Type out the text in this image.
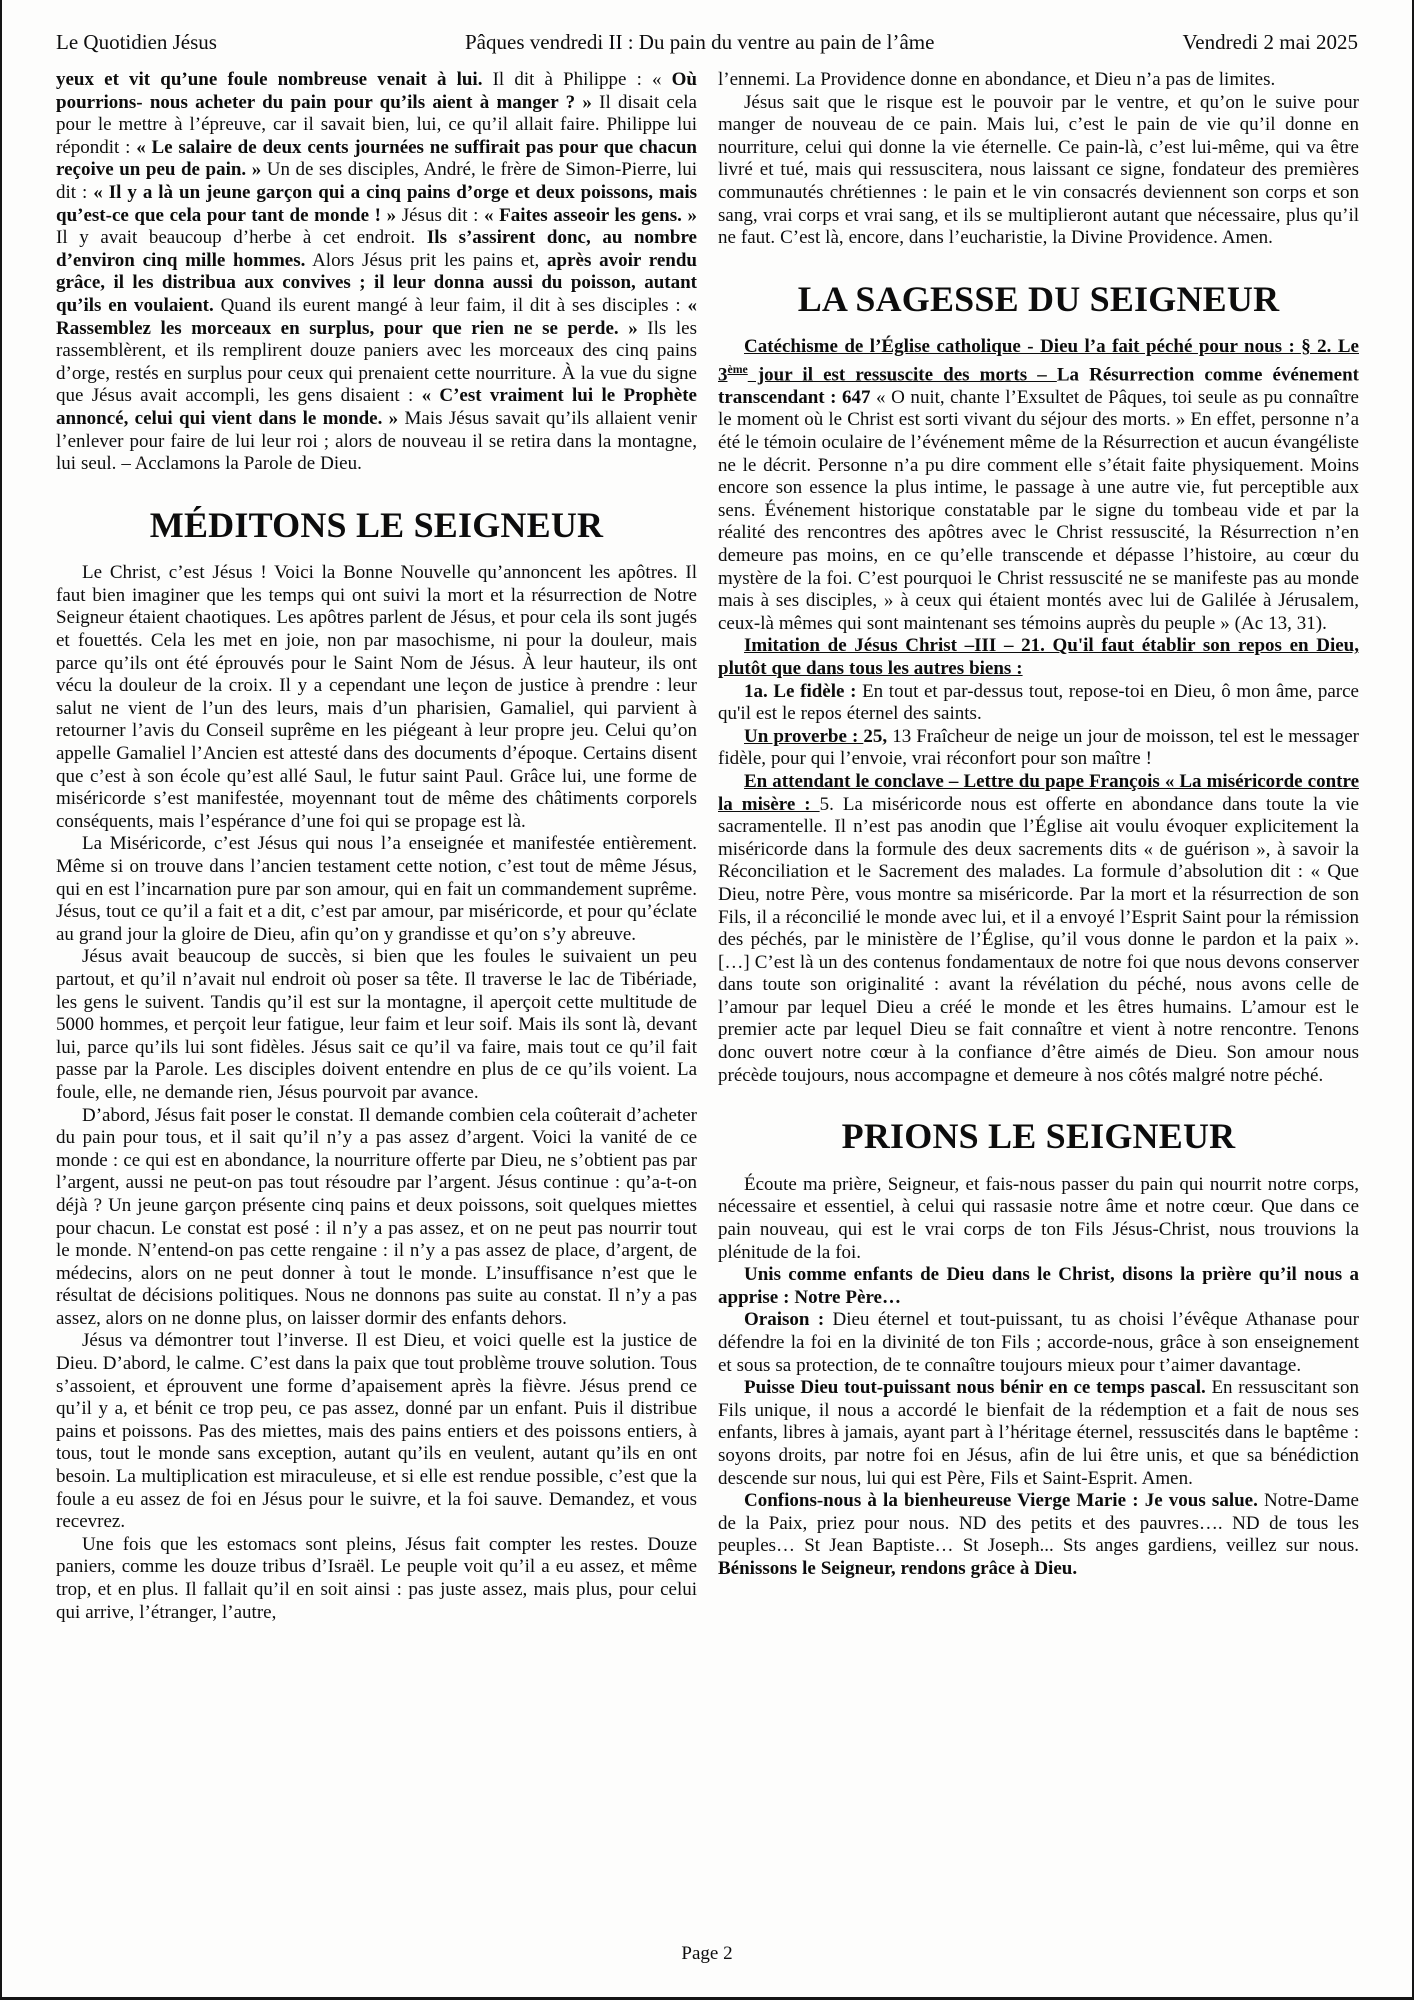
Le Quotidien Jésus	Pâques vendredi II : Du pain du ventre au pain de l’âme	Vendredi 2 mai 2025

yeux et vit qu’une foule nombreuse venait à lui. Il dit à Philippe : « Où pourrions- nous acheter du pain pour qu’ils aient à manger ? » Il disait cela pour le mettre à l’épreuve, car il savait bien, lui, ce qu’il allait faire. Philippe lui répondit : « Le salaire de deux cents journées ne suffirait pas pour que chacun reçoive un peu de pain. » Un de ses disciples, André, le frère de Simon-Pierre, lui dit : « Il y a là un jeune garçon qui a cinq pains d’orge et deux poissons, mais qu’est-ce que cela pour tant de monde ! » Jésus dit : « Faites asseoir les gens. » Il y avait beaucoup d’herbe à cet endroit. Ils s’assirent donc, au nombre d’environ cinq mille hommes. Alors Jésus prit les pains et, après avoir rendu grâce, il les distribua aux convives ; il leur donna aussi du poisson, autant qu’ils en voulaient. Quand ils eurent mangé à leur faim, il dit à ses disciples : « Rassemblez les morceaux en surplus, pour que rien ne se perde. » Ils les rassemblèrent, et ils remplirent douze paniers avec les morceaux des cinq pains d’orge, restés en surplus pour ceux qui prenaient cette nourriture. À la vue du signe que Jésus avait accompli, les gens disaient : « C’est vraiment lui le Prophète annoncé, celui qui vient dans le monde. » Mais Jésus savait qu’ils allaient venir l’enlever pour faire de lui leur roi ; alors de nouveau il se retira dans la montagne, lui seul. – Acclamons la Parole de Dieu.

MÉDITONS LE SEIGNEUR

Le Christ, c’est Jésus ! Voici la Bonne Nouvelle qu’annoncent les apôtres. Il faut bien imaginer que les temps qui ont suivi la mort et la résurrection de Notre Seigneur étaient chaotiques. Les apôtres parlent de Jésus, et pour cela ils sont jugés et fouettés. Cela les met en joie, non par masochisme, ni pour la douleur, mais parce qu’ils ont été éprouvés pour le Saint Nom de Jésus. À leur hauteur, ils ont vécu la douleur de la croix. Il y a cependant une leçon de justice à prendre : leur salut ne vient de l’un des leurs, mais d’un pharisien, Gamaliel, qui parvient à retourner l’avis du Conseil suprême en les piégeant à leur propre jeu. Celui qu’on appelle Gamaliel l’Ancien est attesté dans des documents d’époque. Certains disent que c’est à son école qu’est allé Saul, le futur saint Paul. Grâce lui, une forme de miséricorde s’est manifestée, moyennant tout de même des châtiments corporels conséquents, mais l’espérance d’une foi qui se propage est là.

La Miséricorde, c’est Jésus qui nous l’a enseignée et manifestée entièrement. Même si on trouve dans l’ancien testament cette notion, c’est tout de même Jésus, qui en est l’incarnation pure par son amour, qui en fait un commandement suprême. Jésus, tout ce qu’il a fait et a dit, c’est par amour, par miséricorde, et pour qu’éclate au grand jour la gloire de Dieu, afin qu’on y grandisse et qu’on s’y abreuve.

Jésus avait beaucoup de succès, si bien que les foules le suivaient un peu partout, et qu’il n’avait nul endroit où poser sa tête. Il traverse le lac de Tibériade, les gens le suivent. Tandis qu’il est sur la montagne, il aperçoit cette multitude de 5000 hommes, et perçoit leur fatigue, leur faim et leur soif. Mais ils sont là, devant lui, parce qu’ils lui sont fidèles. Jésus sait ce qu’il va faire, mais tout ce qu’il fait passe par la Parole. Les disciples doivent entendre en plus de ce qu’ils voient. La foule, elle, ne demande rien, Jésus pourvoit par avance.

D’abord, Jésus fait poser le constat. Il demande combien cela coûterait d’acheter du pain pour tous, et il sait qu’il n’y a pas assez d’argent. Voici la vanité de ce monde : ce qui est en abondance, la nourriture offerte par Dieu, ne s’obtient pas par l’argent, aussi ne peut-on pas tout résoudre par l’argent. Jésus continue : qu’a-t-on déjà ? Un jeune garçon présente cinq pains et deux poissons, soit quelques miettes pour chacun. Le constat est posé : il n’y a pas assez, et on ne peut pas nourrir tout le monde. N’entend-on pas cette rengaine : il n’y a pas assez de place, d’argent, de médecins, alors on ne peut donner à tout le monde. L’insuffisance n’est que le résultat de décisions politiques. Nous ne donnons pas suite au constat. Il n’y a pas assez, alors on ne donne plus, on laisser dormir des enfants dehors.

Jésus va démontrer tout l’inverse. Il est Dieu, et voici quelle est la justice de Dieu. D’abord, le calme. C’est dans la paix que tout problème trouve solution. Tous s’assoient, et éprouvent une forme d’apaisement après la fièvre. Jésus prend ce qu’il y a, et bénit ce trop peu, ce pas assez, donné par un enfant. Puis il distribue pains et poissons. Pas des miettes, mais des pains entiers et des poissons entiers, à tous, tout le monde sans exception, autant qu’ils en veulent, autant qu’ils en ont besoin. La multiplication est miraculeuse, et si elle est rendue possible, c’est que la foule a eu assez de foi en Jésus pour le suivre, et la foi sauve. Demandez, et vous recevrez.

Une fois que les estomacs sont pleins, Jésus fait compter les restes. Douze paniers, comme les douze tribus d’Israël. Le peuple voit qu’il a eu assez, et même trop, et en plus. Il fallait qu’il en soit ainsi : pas juste assez, mais plus, pour celui qui arrive, l’étranger, l’autre,

l’ennemi. La Providence donne en abondance, et Dieu n’a pas de limites.

Jésus sait que le risque est le pouvoir par le ventre, et qu’on le suive pour manger de nouveau de ce pain. Mais lui, c’est le pain de vie qu’il donne en nourriture, celui qui donne la vie éternelle. Ce pain-là, c’est lui-même, qui va être livré et tué, mais qui ressuscitera, nous laissant ce signe, fondateur des premières communautés chrétiennes : le pain et le vin consacrés deviennent son corps et son sang, vrai corps et vrai sang, et ils se multiplieront autant que nécessaire, plus qu’il ne faut. C’est là, encore, dans l’eucharistie, la Divine Providence. Amen.

LA SAGESSE DU SEIGNEUR

Catéchisme de l’Église catholique - Dieu l’a fait péché pour nous : § 2. Le 3ème jour il est ressuscite des morts – La Résurrection comme événement transcendant : 647 « O nuit, chante l’Exsultet de Pâques, toi seule as pu connaître le moment où le Christ est sorti vivant du séjour des morts. » En effet, personne n’a été le témoin oculaire de l’événement même de la Résurrection et aucun évangéliste ne le décrit. Personne n’a pu dire comment elle s’était faite physiquement. Moins encore son essence la plus intime, le passage à une autre vie, fut perceptible aux sens. Événement historique constatable par le signe du tombeau vide et par la réalité des rencontres des apôtres avec le Christ ressuscité, la Résurrection n’en demeure pas moins, en ce qu’elle transcende et dépasse l’histoire, au cœur du mystère de la foi. C’est pourquoi le Christ ressuscité ne se manifeste pas au monde mais à ses disciples, » à ceux qui étaient montés avec lui de Galilée à Jérusalem, ceux-là mêmes qui sont maintenant ses témoins auprès du peuple » (Ac 13, 31).

Imitation de Jésus Christ –III – 21. Qu'il faut établir son repos en Dieu, plutôt que dans tous les autres biens :

1a. Le fidèle : En tout et par-dessus tout, repose-toi en Dieu, ô mon âme, parce qu'il est le repos éternel des saints.

Un proverbe : 25, 13 Fraîcheur de neige un jour de moisson, tel est le messager fidèle, pour qui l’envoie, vrai réconfort pour son maître !

En attendant le conclave – Lettre du pape François « La miséricorde contre la misère : 5. La miséricorde nous est offerte en abondance dans toute la vie sacramentelle. Il n’est pas anodin que l’Église ait voulu évoquer explicitement la miséricorde dans la formule des deux sacrements dits « de guérison », à savoir la Réconciliation et le Sacrement des malades. La formule d’absolution dit : « Que Dieu, notre Père, vous montre sa miséricorde. Par la mort et la résurrection de son Fils, il a réconcilié le monde avec lui, et il a envoyé l’Esprit Saint pour la rémission des péchés, par le ministère de l’Église, qu’il vous donne le pardon et la paix ». […] C’est là un des contenus fondamentaux de notre foi que nous devons conserver dans toute son originalité : avant la révélation du péché, nous avons celle de l’amour par lequel Dieu a créé le monde et les êtres humains. L’amour est le premier acte par lequel Dieu se fait connaître et vient à notre rencontre. Tenons donc ouvert notre cœur à la confiance d’être aimés de Dieu. Son amour nous précède toujours, nous accompagne et demeure à nos côtés malgré notre péché.

PRIONS LE SEIGNEUR

Écoute ma prière, Seigneur, et fais-nous passer du pain qui nourrit notre corps, nécessaire et essentiel, à celui qui rassasie notre âme et notre cœur. Que dans ce pain nouveau, qui est le vrai corps de ton Fils Jésus-Christ, nous trouvions la plénitude de la foi.

Unis comme enfants de Dieu dans le Christ, disons la prière qu’il nous a apprise : Notre Père…

Oraison : Dieu éternel et tout-puissant, tu as choisi l’évêque Athanase pour défendre la foi en la divinité de ton Fils ; accorde-nous, grâce à son enseignement et sous sa protection, de te connaître toujours mieux pour t’aimer davantage.

Puisse Dieu tout-puissant nous bénir en ce temps pascal. En ressuscitant son Fils unique, il nous a accordé le bienfait de la rédemption et a fait de nous ses enfants, libres à jamais, ayant part à l’héritage éternel, ressuscités dans le baptême : soyons droits, par notre foi en Jésus, afin de lui être unis, et que sa bénédiction descende sur nous, lui qui est Père, Fils et Saint-Esprit. Amen.

Confions-nous à la bienheureuse Vierge Marie : Je vous salue. Notre-Dame de la Paix, priez pour nous. ND des petits et des pauvres…. ND de tous les peuples… St Jean Baptiste… St Joseph... Sts anges gardiens, veillez sur nous. Bénissons le Seigneur, rendons grâce à Dieu.

Page 2
